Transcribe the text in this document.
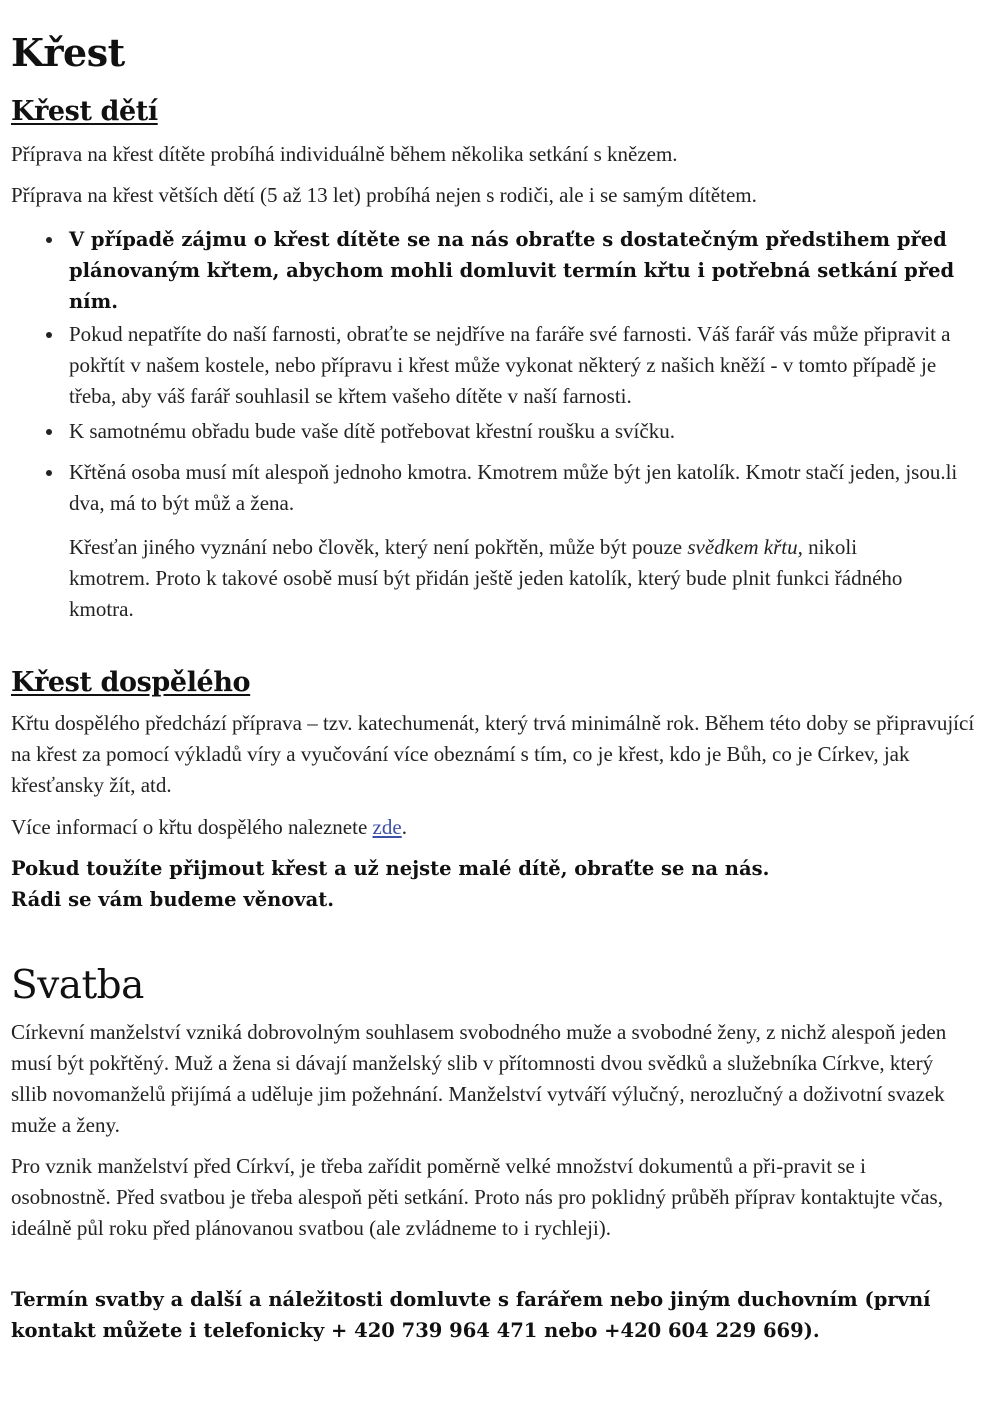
Křest
Křest dětí

Příprava na křest dítěte probíhá individuálně během několika setkání s knězem.

Příprava na křest větších dětí (5 až 13 let) probíhá nejen s rodiči, ale i se samým dítětem.

V případě zájmu o křest dítěte se na nás obraťte s dostatečným předstihem před plánovaným křtem, abychom mohli domluvit termín křtu i potřebná setkání před ním.
Pokud nepatříte do naší farnosti, obraťte se nejdříve na faráře své farnosti. Váš farář vás může připravit a pokřtít v našem kostele, nebo přípravu i křest může vykonat některý z našich kněží - v tomto případě je třeba, aby váš farář souhlasil se křtem vašeho dítěte v naší farnosti.
K samotnému obřadu bude vaše dítě potřebovat křestní roušku a svíčku.
Křtěná osoba musí mít alespoň jednoho kmotra. Kmotrem může být jen katolík. Kmotr stačí jeden, jsou.li dva, má to být můž a žena.

Křesťan jiného vyznání nebo člověk, který není pokřtěn, může být pouze svědkem křtu, nikoli kmotrem. Proto k takové osobě musí být přidán ještě jeden katolík, který bude plnit funkci řádného kmotra.

Křest dospělého

Křtu dospělého předchází příprava – tzv. katechumenát, který trvá minimálně rok. Během této doby se připravující na křest za pomocí výkladů víry a vyučování více obeznámí s tím, co je křest, kdo je Bůh, co je Církev, jak křesťansky žít, atd.

Více informací o křtu dospělého naleznete zde.

Pokud toužíte přijmout křest a už nejste malé dítě, obraťte se na nás.
Rádi se vám budeme věnovat.

Svatba

Církevní manželství vzniká dobrovolným souhlasem svobodného muže a svobodné ženy, z nichž alespoň jeden musí být pokřtěný. Muž a žena si dávají manželský slib v přítomnosti dvou svědků a služebníka Církve, který sllib novomanželů přijímá a uděluje jim požehnání. Manželství vytváří výlučný, nerozlučný a doživotní svazek muže a ženy.

Pro vznik manželství před Církví, je třeba zařídit poměrně velké množství dokumentů a při-pravit se i osobnostně. Před svatbou je třeba alespoň pěti setkání. Proto nás pro poklidný průběh příprav kontaktujte včas, ideálně půl roku před plánovanou svatbou (ale zvládneme to i rychleji).

Termín svatby a další a náležitosti domluvte s farářem nebo jiným duchovním (první kontakt můžete i telefonicky + 420 739 964 471 nebo +420 604 229 669).
